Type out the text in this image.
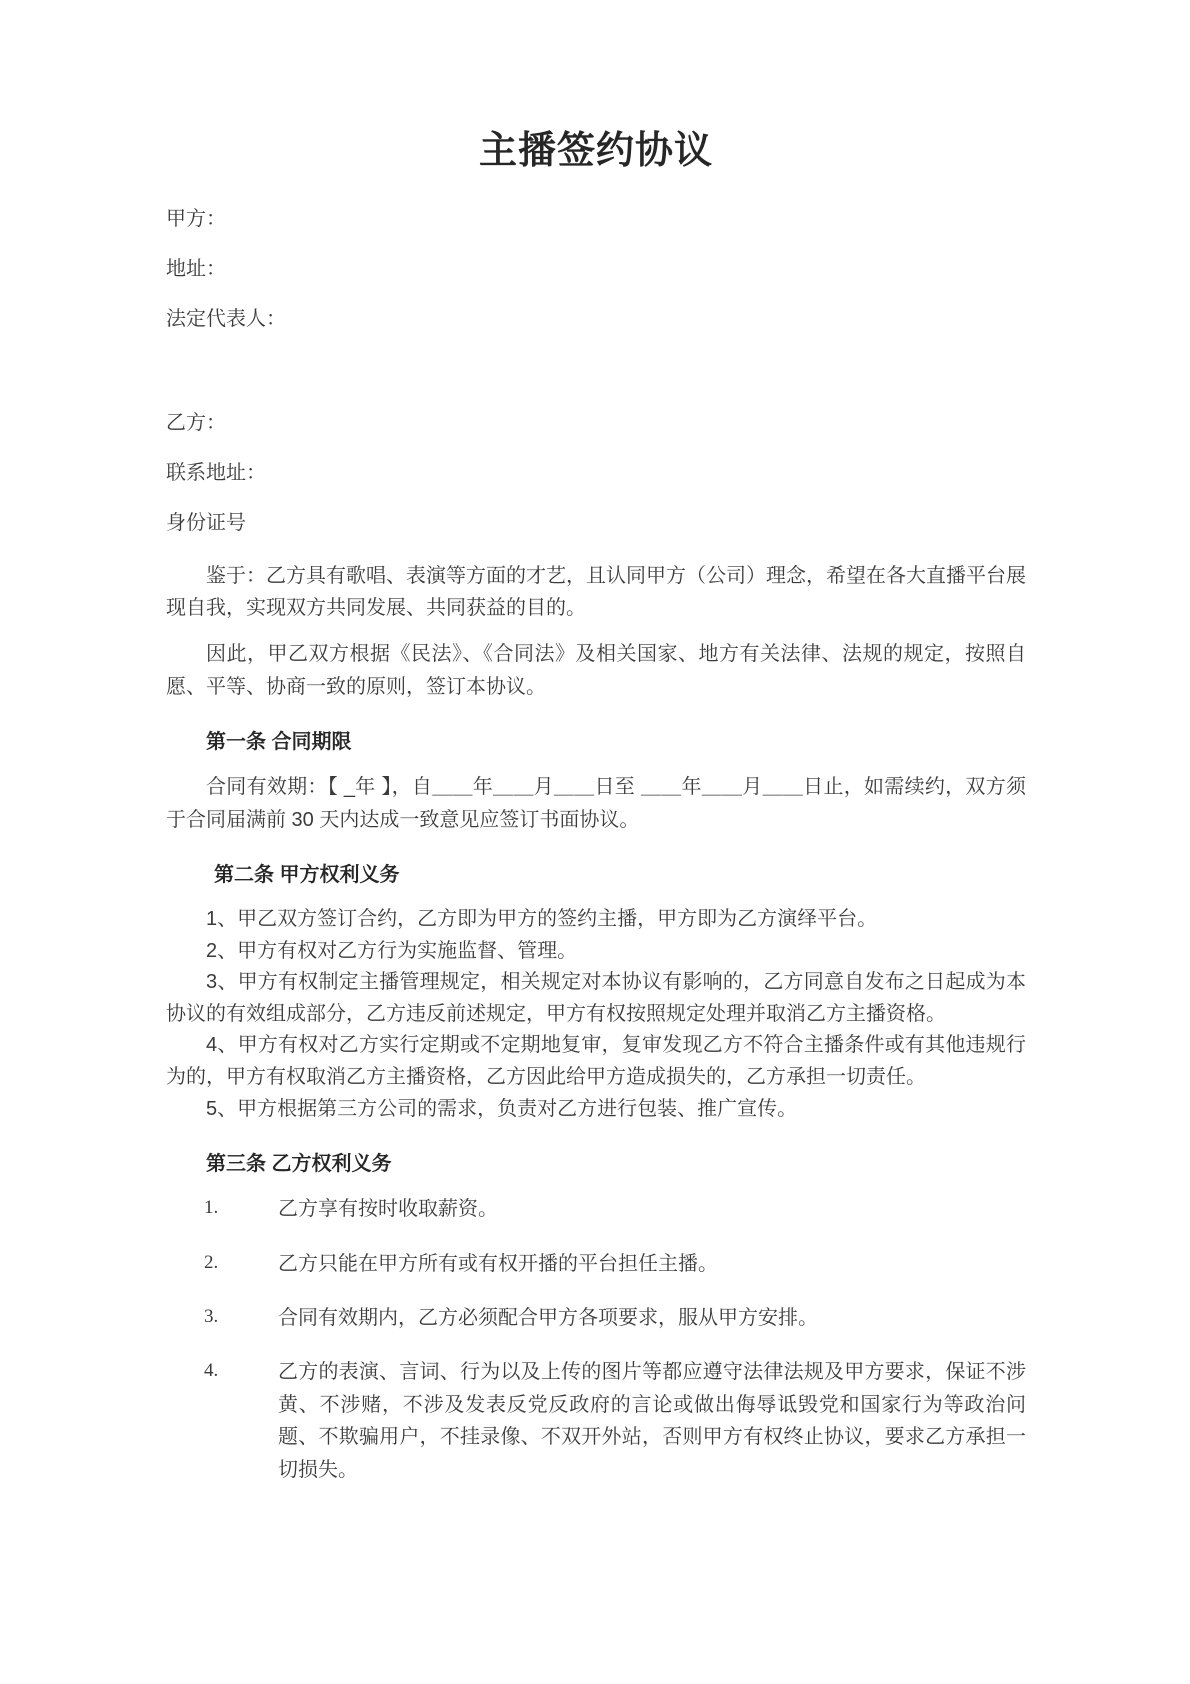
主播签约协议

甲方：

地址：

法定代表人：

乙方：

联系地址：

身份证号

鉴于：乙方具有歌唱、表演等方面的才艺，且认同甲方（公司）理念，希望在各大直播平台展现自我，实现双方共同发展、共同获益的目的。

因此，甲乙双方根据《民法》、《合同法》及相关国家、地方有关法律、法规的规定，按照自愿、平等、协商一致的原则，签订本协议。

第一条 合同期限

合同有效期：【 _年 】，自＿＿年＿＿月＿＿日至 ＿＿年＿＿月＿＿日止，如需续约，双方须于合同届满前 30 天内达成一致意见应签订书面协议。

第二条 甲方权利义务

1、甲乙双方签订合约，乙方即为甲方的签约主播，甲方即为乙方演绎平台。

2、甲方有权对乙方行为实施监督、管理。

3、甲方有权制定主播管理规定，相关规定对本协议有影响的，乙方同意自发布之日起成为本协议的有效组成部分，乙方违反前述规定，甲方有权按照规定处理并取消乙方主播资格。

4、甲方有权对乙方实行定期或不定期地复审，复审发现乙方不符合主播条件或有其他违规行为的，甲方有权取消乙方主播资格，乙方因此给甲方造成损失的，乙方承担一切责任。

5、甲方根据第三方公司的需求，负责对乙方进行包装、推广宣传。

第三条 乙方权利义务
1.	乙方享有按时收取薪资。
2.	乙方只能在甲方所有或有权开播的平台担任主播。
3.	合同有效期内，乙方必须配合甲方各项要求，服从甲方安排。
4.	乙方的表演、言词、行为以及上传的图片等都应遵守法律法规及甲方要求，保证不涉黄、不涉赌，不涉及发表反党反政府的言论或做出侮辱诋毁党和国家行为等政治问题、不欺骗用户，不挂录像、不双开外站，否则甲方有权终止协议，要求乙方承担一切损失。
